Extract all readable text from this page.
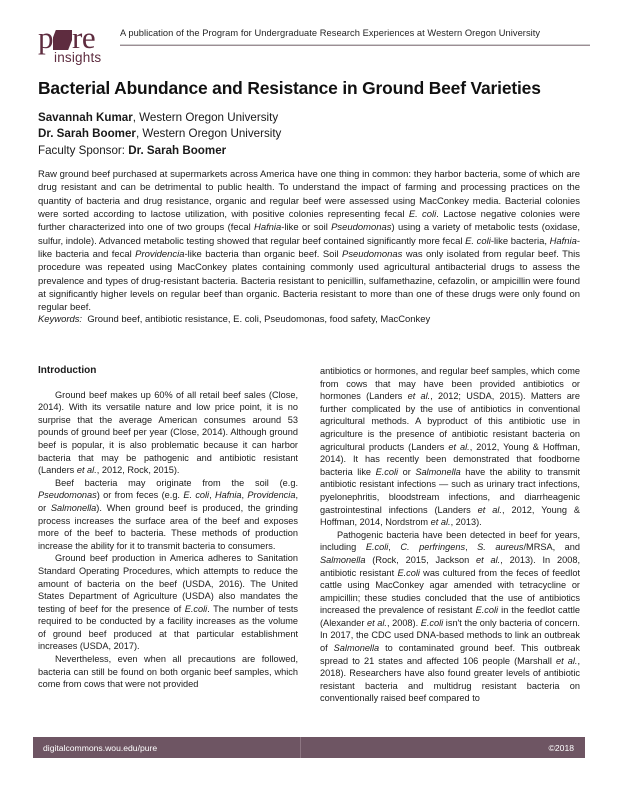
p re
insights
A publication of the Program for Undergraduate Research Experiences at Western Oregon University
Bacterial Abundance and Resistance in Ground Beef Varieties
Savannah Kumar, Western Oregon University
Dr. Sarah Boomer, Western Oregon University
Faculty Sponsor: Dr. Sarah Boomer
Raw ground beef purchased at supermarkets across America have one thing in common: they harbor bacteria, some of which are drug resistant and can be detrimental to public health. To understand the impact of farming and processing practices on the quantity of bacteria and drug resistance, organic and regular beef were assessed using MacConkey media. Bacterial colonies were sorted according to lactose utilization, with positive colonies representing fecal E. coli. Lactose negative colonies were further characterized into one of two groups (fecal Hafnia-like or soil Pseudomonas) using a variety of metabolic tests (oxidase, sulfur, indole). Advanced metabolic testing showed that regular beef contained significantly more fecal E. coli-like bacteria, Hafnia-like bacteria and fecal Providencia-like bacteria than organic beef. Soil Pseudomonas was only isolated from regular beef. This procedure was repeated using MacConkey plates containing commonly used agricultural antibacterial drugs to assess the prevalence and types of drug-resistant bacteria. Bacteria resistant to penicillin, sulfamethazine, cefazolin, or ampicillin were found at significantly higher levels on regular beef than organic. Bacteria resistant to more than one of these drugs were only found on regular beef.
Keywords: Ground beef, antibiotic resistance, E. coli, Pseudomonas, food safety, MacConkey
Introduction

Ground beef makes up 60% of all retail beef sales (Close, 2014). With its versatile nature and low price point, it is no surprise that the average American consumes around 53 pounds of ground beef per year (Close, 2014). Although ground beef is popular, it is also problematic because it can harbor bacteria that may be pathogenic and antibiotic resistant (Landers et al., 2012, Rock, 2015).

Beef bacteria may originate from the soil (e.g. Pseudomonas) or from feces (e.g. E. coli, Hafnia, Providencia, or Salmonella). When ground beef is produced, the grinding process increases the surface area of the beef and exposes more of the beef to bacteria. These methods of production increase the ability for it to transmit bacteria to consumers.

Ground beef production in America adheres to Sanitation Standard Operating Procedures, which attempts to reduce the amount of bacteria on the beef (USDA, 2016). The United States Department of Agriculture (USDA) also mandates the testing of beef for the presence of E.coli. The number of tests required to be conducted by a facility increases as the volume of ground beef produced at that particular establishment increases (USDA, 2017).

Nevertheless, even when all precautions are followed, bacteria can still be found on both organic beef samples, which come from cows that were not provided

antibiotics or hormones, and regular beef samples, which come from cows that may have been provided antibiotics or hormones (Landers et al., 2012; USDA, 2015). Matters are further complicated by the use of antibiotics in conventional agricultural methods. A byproduct of this antibiotic use in agriculture is the presence of antibiotic resistant bacteria on agricultural products (Landers et al., 2012, Young & Hoffman, 2014). It has recently been demonstrated that foodborne bacteria like E.coli or Salmonella have the ability to transmit antibiotic resistant infections — such as urinary tract infections, pyelonephritis, bloodstream infections, and diarrheagenic gastrointestinal infections (Landers et al., 2012, Young & Hoffman, 2014, Nordstrom et al., 2013).

Pathogenic bacteria have been detected in beef for years, including E.coli, C. perfringens, S. aureus/MRSA, and Salmonella (Rock, 2015, Jackson et al., 2013). In 2008, antibiotic resistant E.coli was cultured from the feces of feedlot cattle using MacConkey agar amended with tetracycline or ampicillin; these studies concluded that the use of antibiotics increased the prevalence of resistant E.coli in the feedlot cattle (Alexander et al., 2008). E.coli isn't the only bacteria of concern. In 2017, the CDC used DNA-based methods to link an outbreak of Salmonella to contaminated ground beef. This outbreak spread to 21 states and affected 106 people (Marshall et al., 2018). Researchers have also found greater levels of antibiotic resistant bacteria and multidrug resistant bacteria on conventionally raised beef compared to

digitalcommons.wou.edu/pure	©2018
